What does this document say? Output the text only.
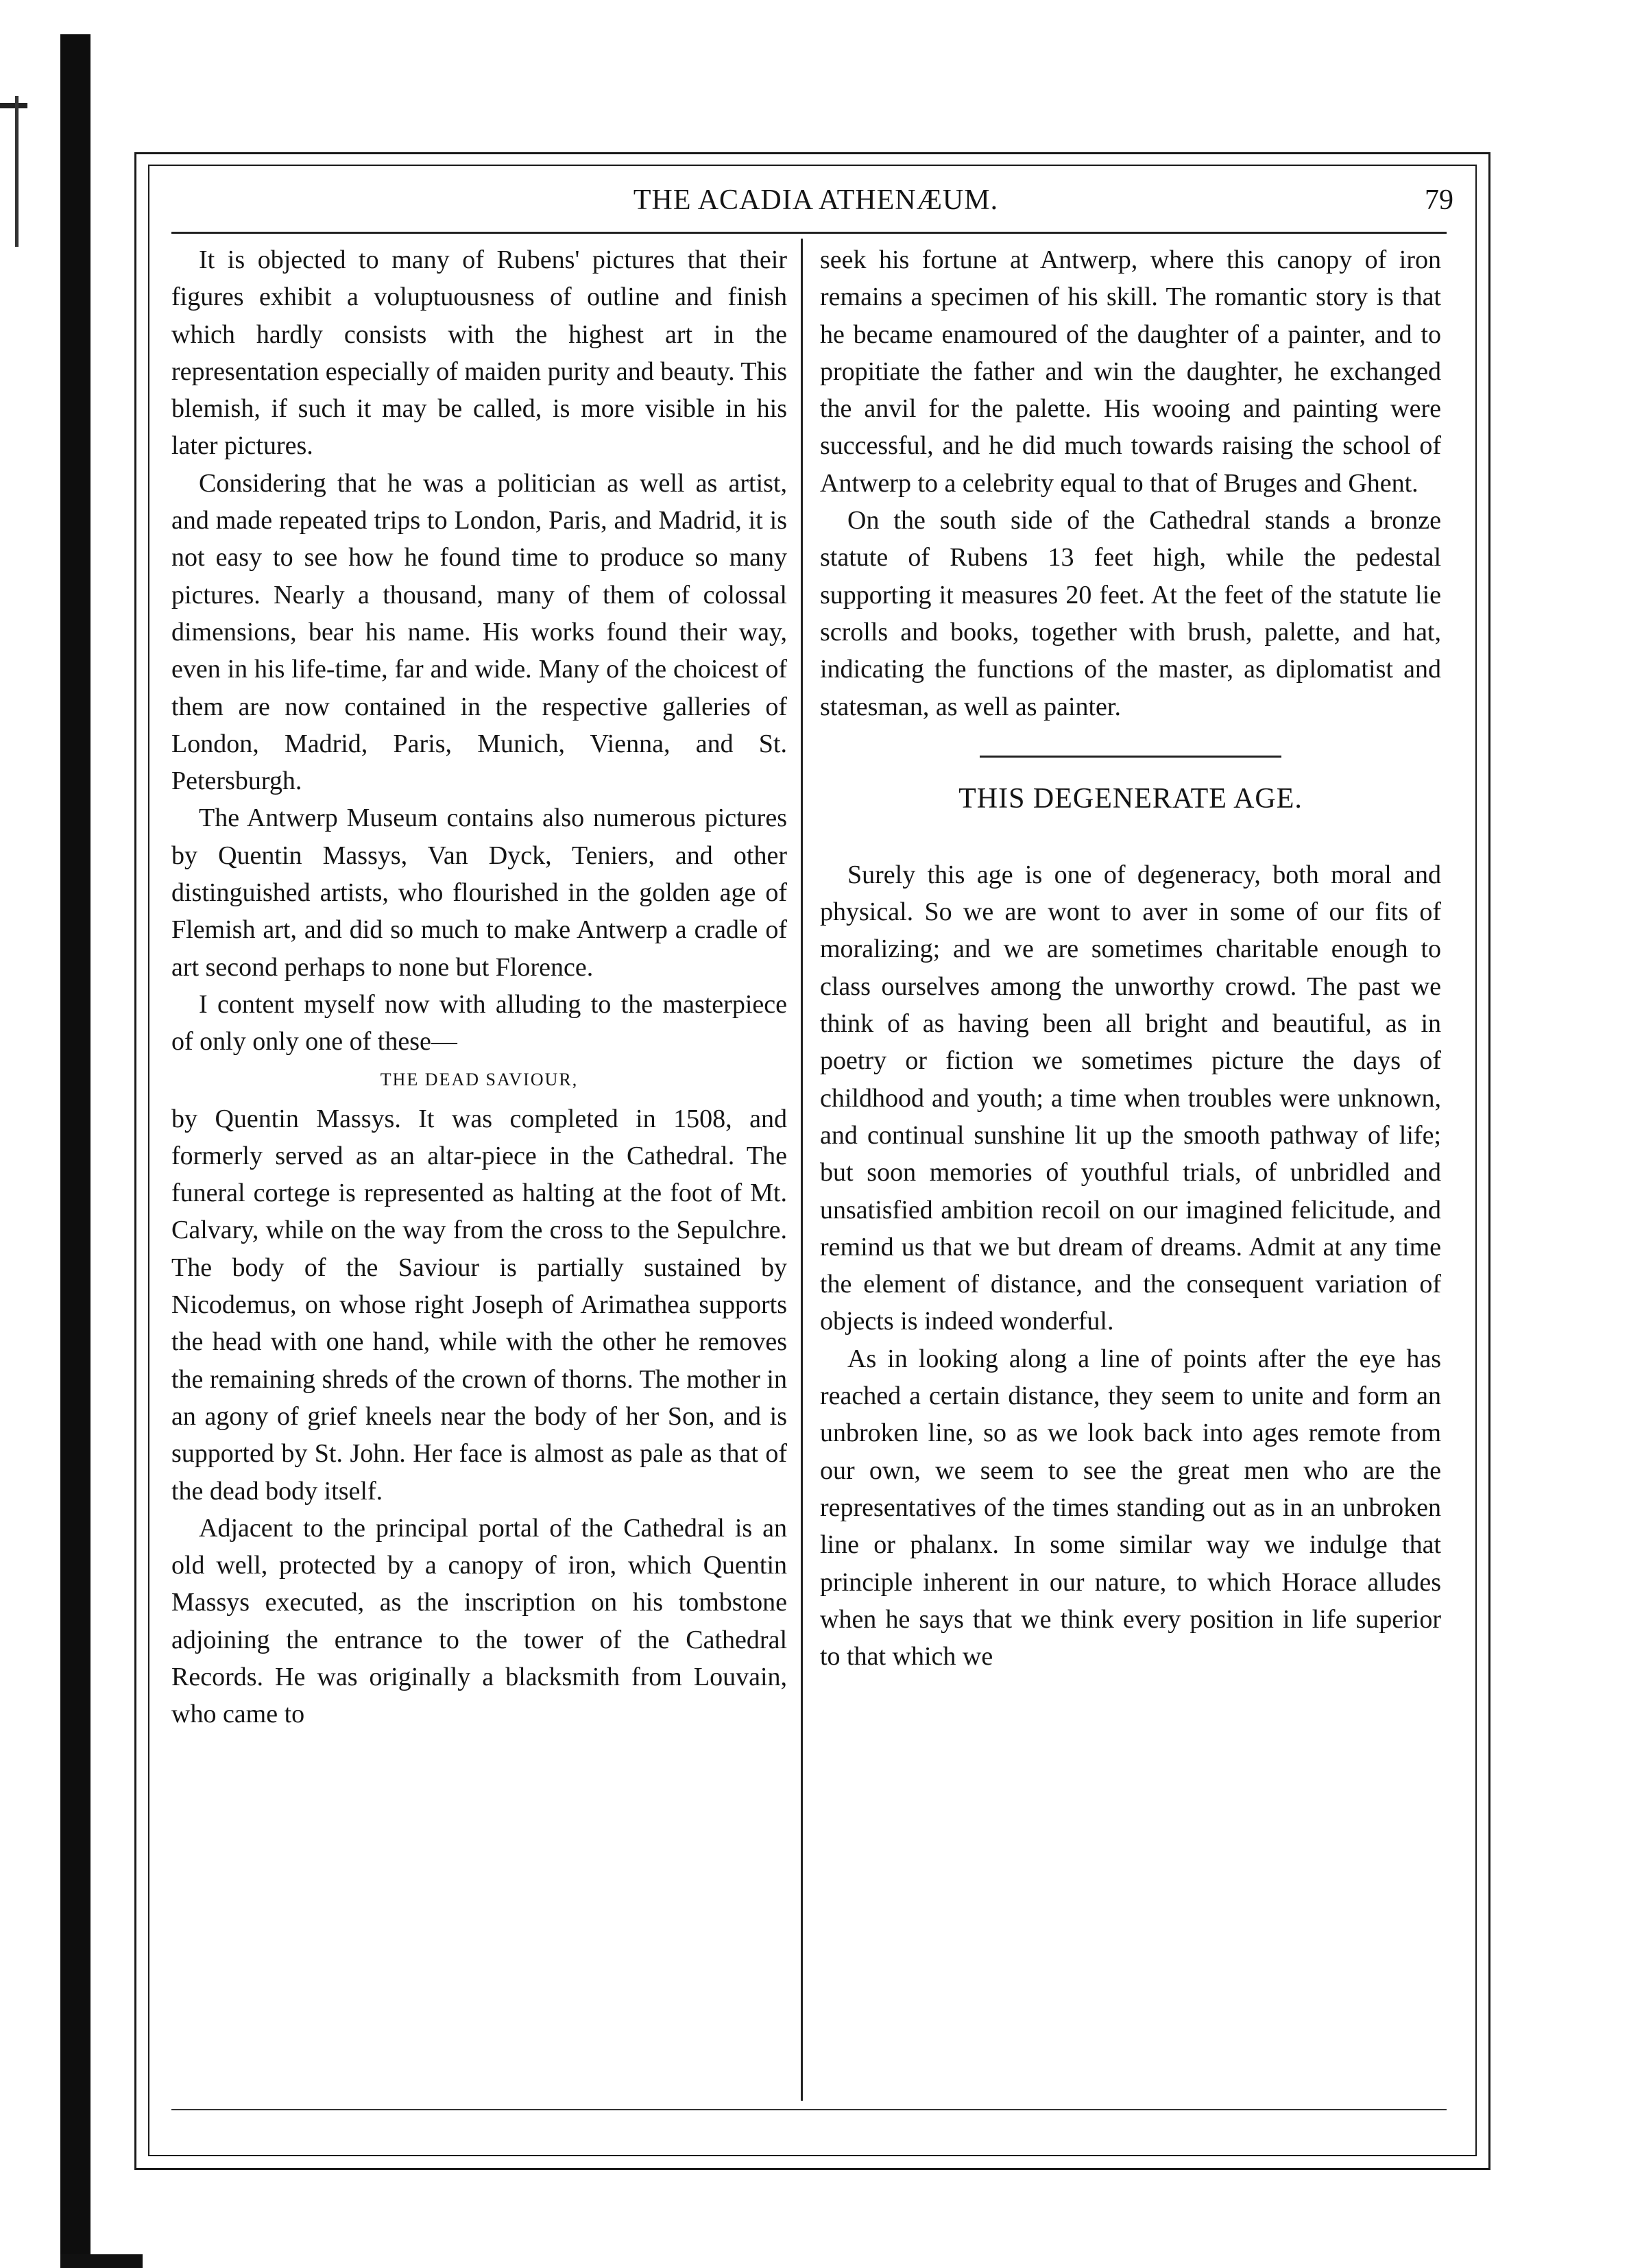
THE ACADIA ATHENÆUM.	79

It is objected to many of Rubens' pictures that their figures exhibit a voluptuousness of outline and finish which hardly consists with the highest art in the representation especially of maiden purity and beauty. This blemish, if such it may be called, is more visible in his later pictures.

Considering that he was a politician as well as artist, and made repeated trips to London, Paris, and Madrid, it is not easy to see how he found time to produce so many pictures. Nearly a thousand, many of them of colossal dimensions, bear his name. His works found their way, even in his life-time, far and wide. Many of the choicest of them are now contained in the respective galleries of London, Madrid, Paris, Munich, Vienna, and St. Petersburgh.

The Antwerp Museum contains also numerous pictures by Quentin Massys, Van Dyck, Teniers, and other distinguished artists, who flourished in the golden age of Flemish art, and did so much to make Antwerp a cradle of art second perhaps to none but Florence.

I content myself now with alluding to the masterpiece of only only one of these—

THE DEAD SAVIOUR,

by Quentin Massys. It was completed in 1508, and formerly served as an altar-piece in the Cathedral. The funeral cortege is represented as halting at the foot of Mt. Calvary, while on the way from the cross to the Sepulchre. The body of the Saviour is partially sustained by Nicodemus, on whose right Joseph of Arimathea supports the head with one hand, while with the other he removes the remaining shreds of the crown of thorns. The mother in an agony of grief kneels near the body of her Son, and is supported by St. John. Her face is almost as pale as that of the dead body itself.

Adjacent to the principal portal of the Cathedral is an old well, protected by a canopy of iron, which Quentin Massys executed, as the inscription on his tombstone adjoining the entrance to the tower of the Cathedral Records. He was originally a blacksmith from Louvain, who came to

seek his fortune at Antwerp, where this canopy of iron remains a specimen of his skill. The romantic story is that he became enamoured of the daughter of a painter, and to propitiate the father and win the daughter, he exchanged the anvil for the palette. His wooing and painting were successful, and he did much towards raising the school of Antwerp to a celebrity equal to that of Bruges and Ghent.

On the south side of the Cathedral stands a bronze statute of Rubens 13 feet high, while the pedestal supporting it measures 20 feet. At the feet of the statute lie scrolls and books, together with brush, palette, and hat, indicating the functions of the master, as diplomatist and statesman, as well as painter.

THIS DEGENERATE AGE.

Surely this age is one of degeneracy, both moral and physical. So we are wont to aver in some of our fits of moralizing; and we are sometimes charitable enough to class ourselves among the unworthy crowd. The past we think of as having been all bright and beautiful, as in poetry or fiction we sometimes picture the days of childhood and youth; a time when troubles were unknown, and continual sunshine lit up the smooth pathway of life; but soon memories of youthful trials, of unbridled and unsatisfied ambition recoil on our imagined felicitude, and remind us that we but dream of dreams. Admit at any time the element of distance, and the consequent variation of objects is indeed wonderful.

As in looking along a line of points after the eye has reached a certain distance, they seem to unite and form an unbroken line, so as we look back into ages remote from our own, we seem to see the great men who are the representatives of the times standing out as in an unbroken line or phalanx. In some similar way we indulge that principle inherent in our nature, to which Horace alludes when he says that we think every position in life superior to that which we
